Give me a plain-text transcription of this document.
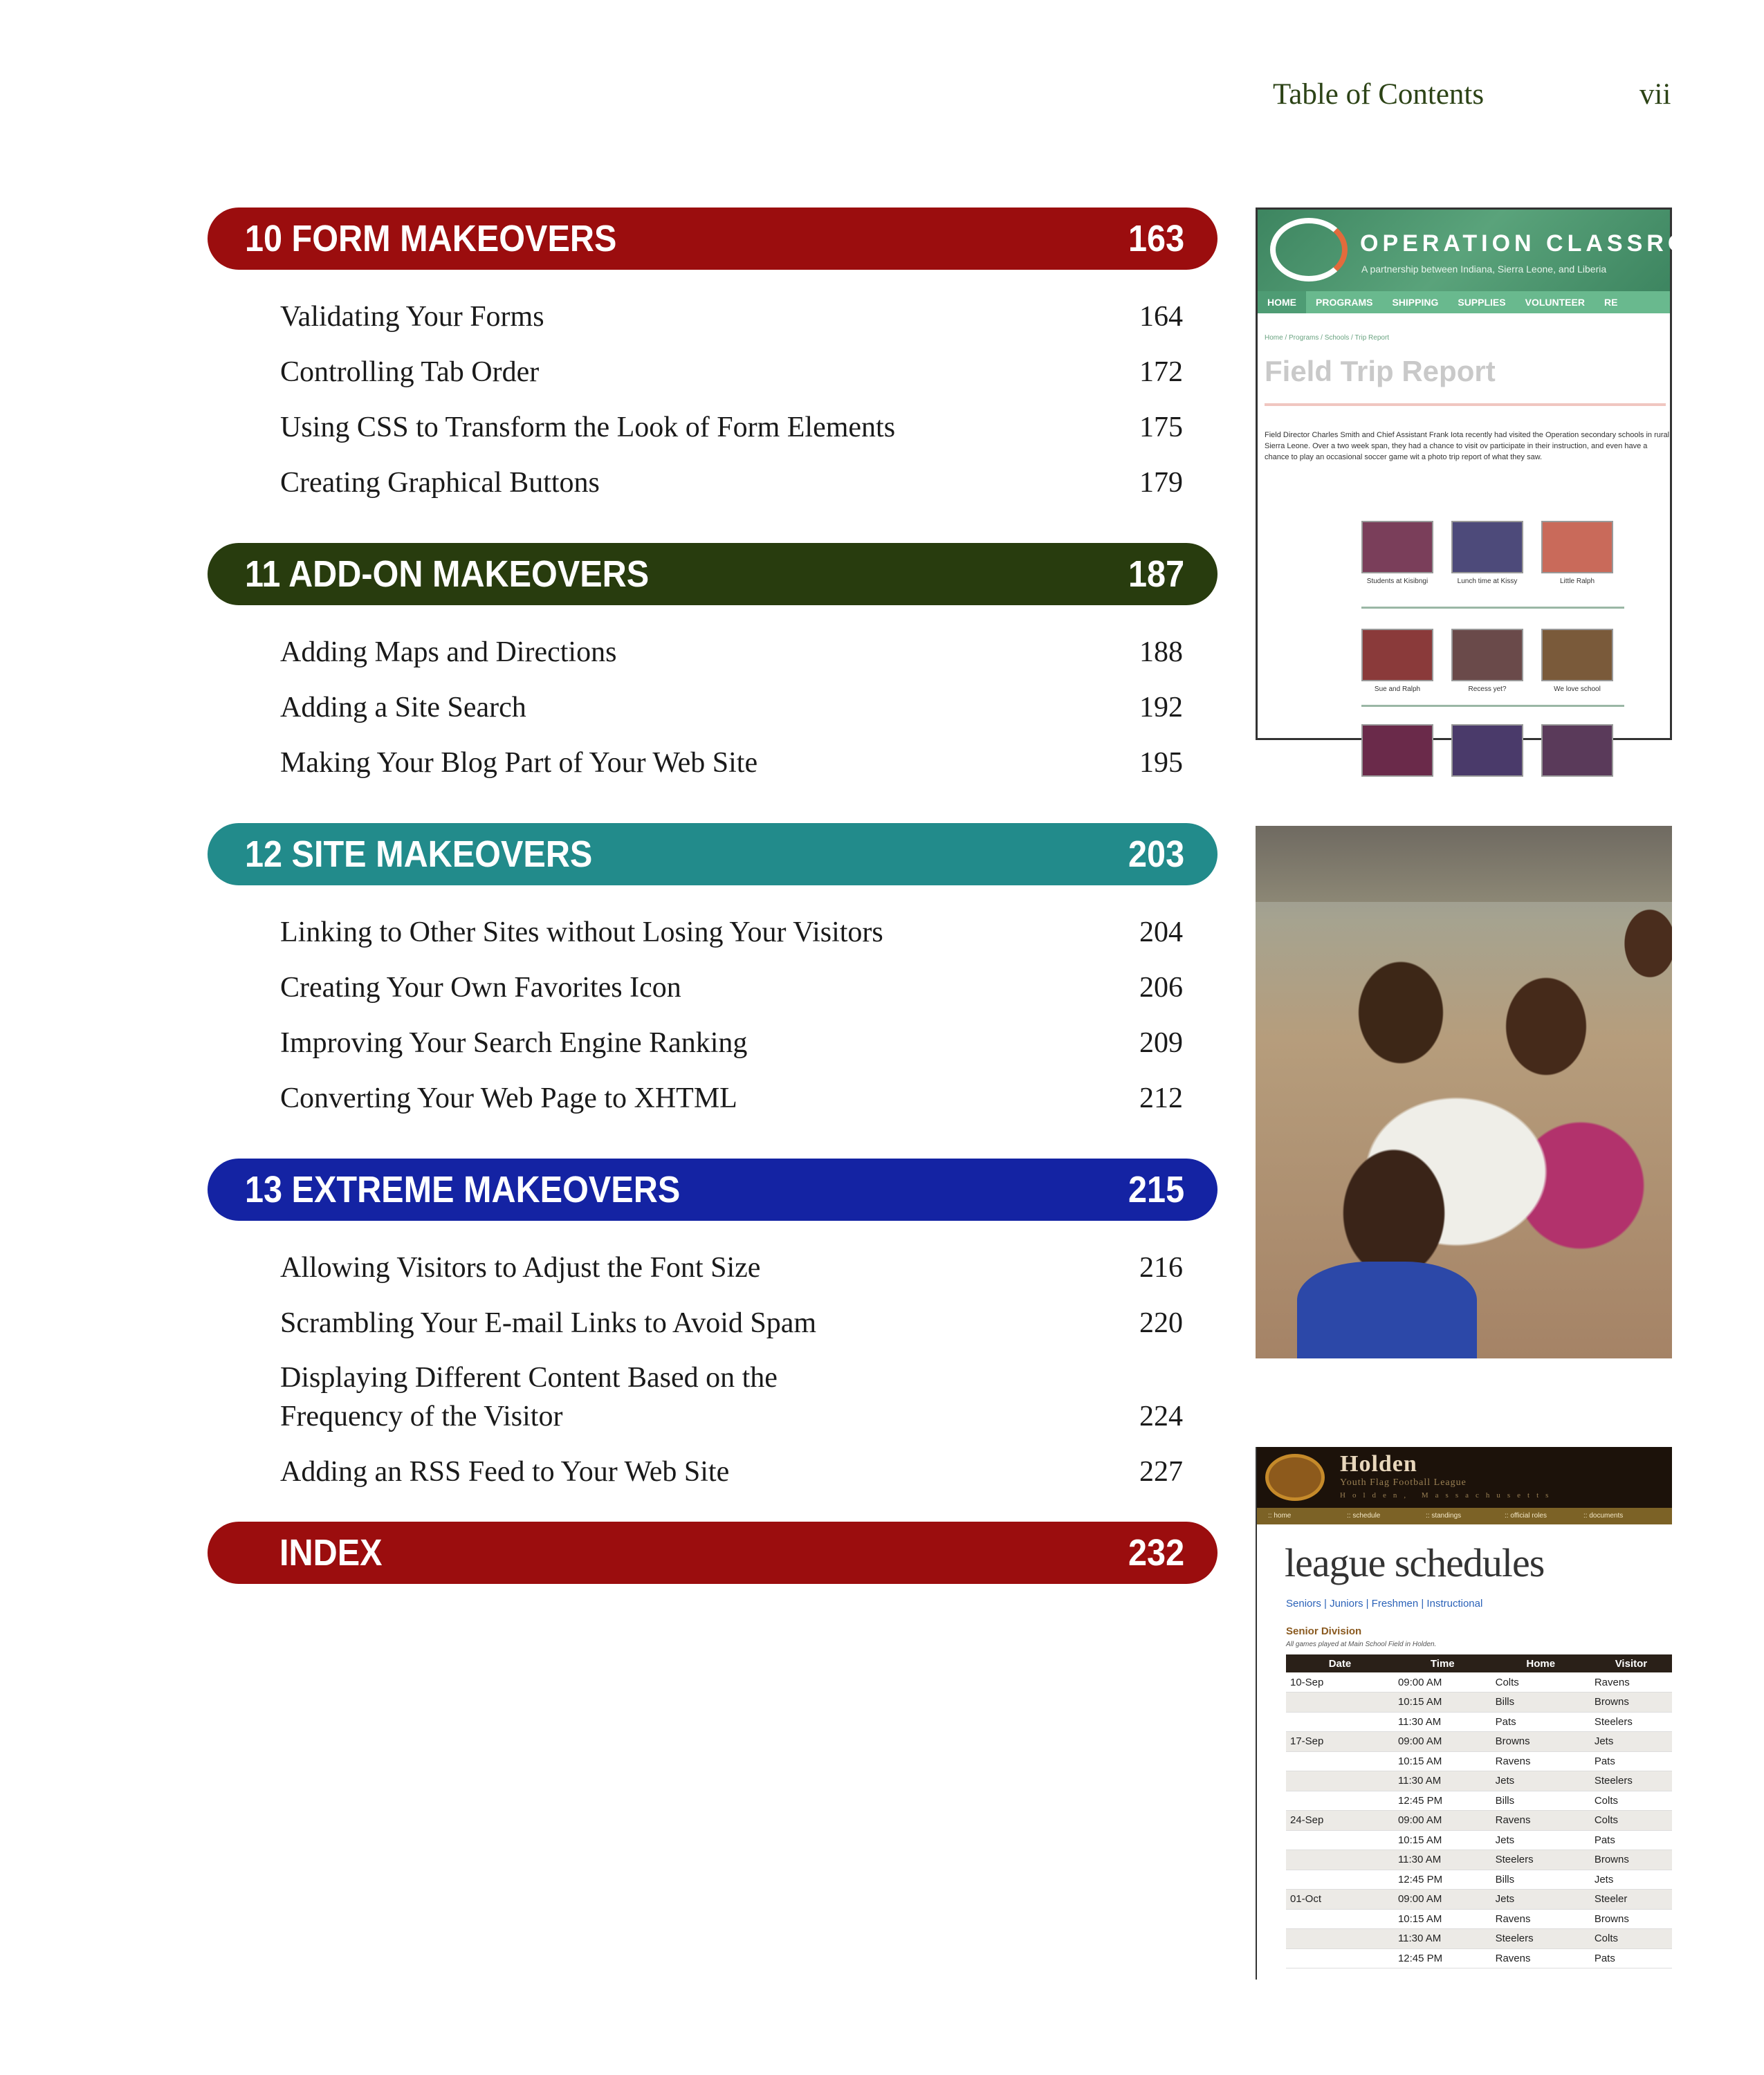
Table of Contents	vii
10 FORM MAKEOVERS	163
Validating Your Forms	164
Controlling Tab Order	172
Using CSS to Transform the Look of Form Elements	175
Creating Graphical Buttons	179
11 ADD-ON MAKEOVERS	187
Adding Maps and Directions	188
Adding a Site Search	192
Making Your Blog Part of Your Web Site	195
12 SITE MAKEOVERS	203
Linking to Other Sites without Losing Your Visitors	204
Creating Your Own Favorites Icon	206
Improving Your Search Engine Ranking	209
Converting Your Web Page to XHTML	212
13 EXTREME MAKEOVERS	215
Allowing Visitors to Adjust the Font Size	216
Scrambling Your E-mail Links to Avoid Spam	220
Displaying Different Content Based on the
Frequency of the Visitor	224
Adding an RSS Feed to Your Web Site	227
INDEX	232
OPERATION CLASSROOM
A partnership between Indiana, Sierra Leone, and Liberia
HOME PROGRAMS SHIPPING SUPPLIES VOLUNTEER RE
Home / Programs / Schools / Trip Report
Field Trip Report
Field Director Charles Smith and Chief Assistant Frank Iota recently had visited the Operation secondary schools in rural Sierra Leone. Over a two week span, they had a chance to visit ov participate in their instruction, and even have a chance to play an occasional soccer game wit a photo trip report of what they saw.
Students at Kisibngi	Lunch time at Kissy	Little Ralph
Sue and Ralph	Recess yet?	We love school
Holden
Youth Flag Football League
Holden, Massachusetts
:: home	:: schedule	:: standings	:: official roles	:: documents
league schedules
Seniors | Juniors | Freshmen | Instructional
Senior Division
All games played at Main School Field in Holden.
Date	Time	Home	Visitor
10-Sep	09:00 AM	Colts	Ravens
	10:15 AM	Bills	Browns
	11:30 AM	Pats	Steelers
17-Sep	09:00 AM	Browns	Jets
	10:15 AM	Ravens	Pats
	11:30 AM	Jets	Steelers
	12:45 PM	Bills	Colts
24-Sep	09:00 AM	Ravens	Colts
	10:15 AM	Jets	Pats
	11:30 AM	Steelers	Browns
	12:45 PM	Bills	Jets
01-Oct	09:00 AM	Jets	Steeler
	10:15 AM	Ravens	Browns
	11:30 AM	Steelers	Colts
	12:45 PM	Ravens	Pats
